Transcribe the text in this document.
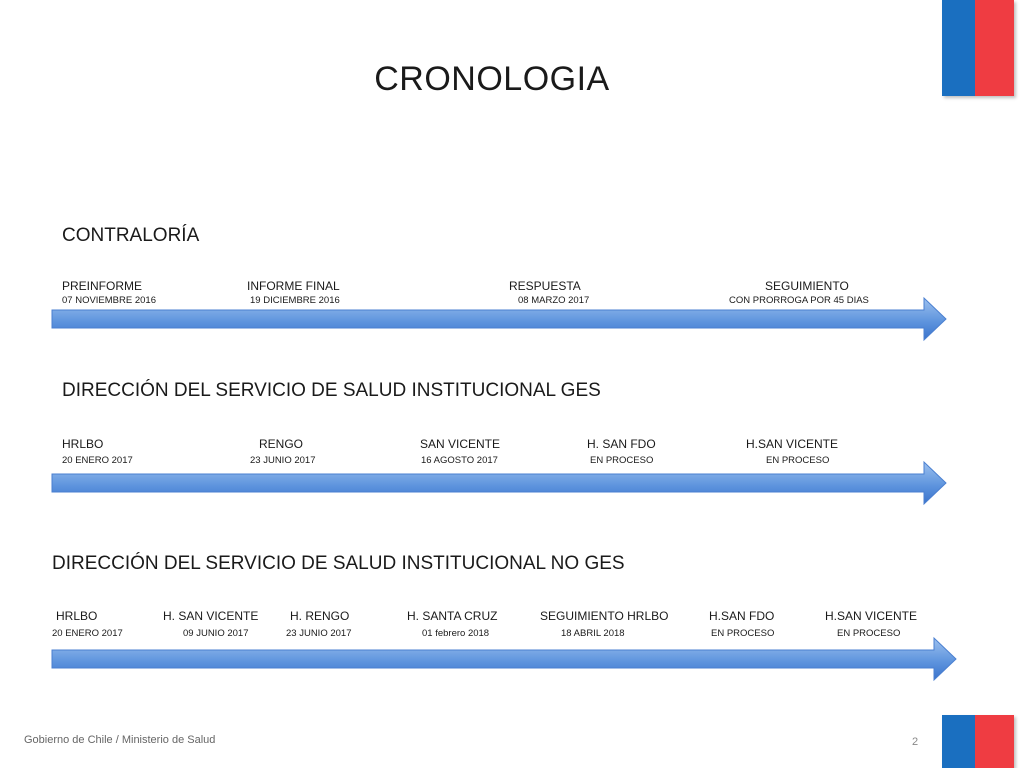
CRONOLOGIA
CONTRALORÍA
PREINFORME
07 NOVIEMBRE 2016
INFORME FINAL
19 DICIEMBRE 2016
RESPUESTA
08 MARZO 2017
SEGUIMIENTO
CON PRORROGA POR 45 DIAS
DIRECCIÓN DEL SERVICIO DE SALUD INSTITUCIONAL GES
HRLBO
20 ENERO 2017
RENGO
23 JUNIO 2017
SAN VICENTE
16 AGOSTO 2017
H. SAN FDO
EN PROCESO
H.SAN VICENTE
EN PROCESO
DIRECCIÓN DEL SERVICIO DE SALUD INSTITUCIONAL NO GES
HRLBO
20 ENERO 2017
H. SAN VICENTE
09 JUNIO 2017
H. RENGO
23 JUNIO 2017
H. SANTA CRUZ
01 febrero 2018
SEGUIMIENTO HRLBO
18 ABRIL 2018
H.SAN FDO
EN PROCESO
H.SAN VICENTE
EN PROCESO
Gobierno de Chile / Ministerio de Salud	2
